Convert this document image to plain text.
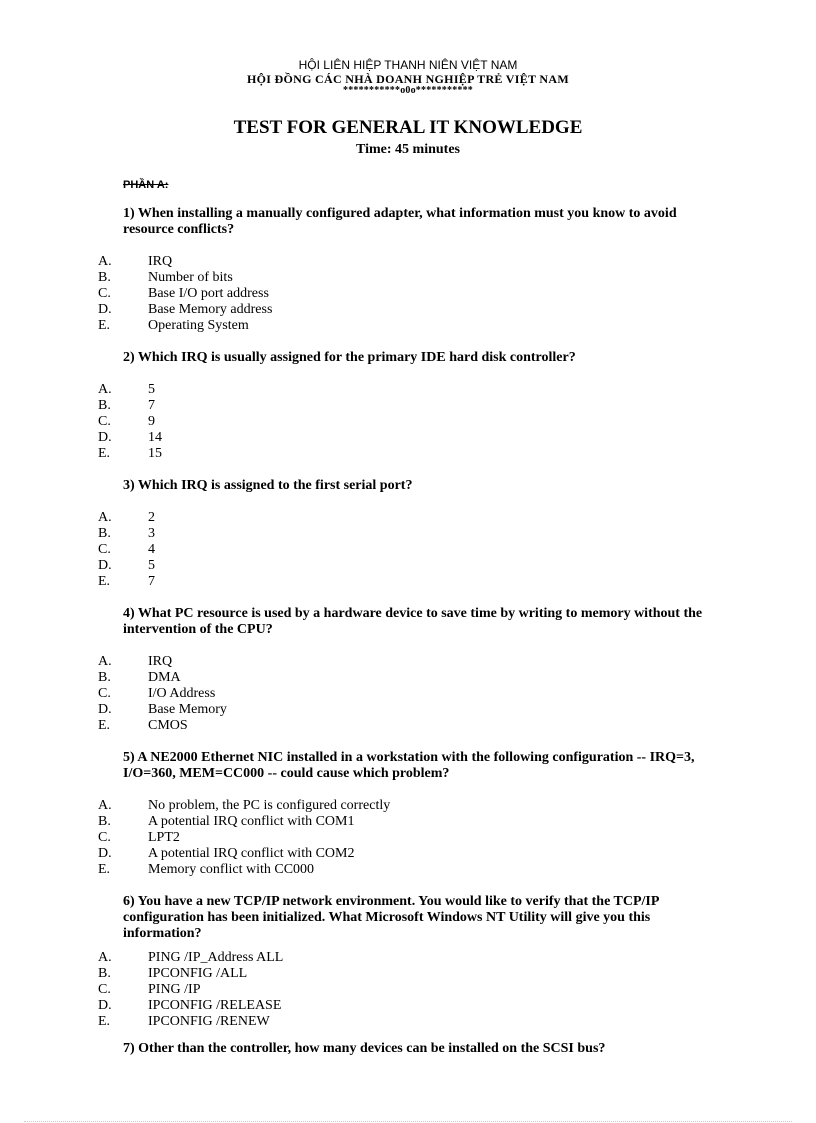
HỘI LIÊN HIỆP THANH NIÊN VIỆT NAM
HỘI ĐỒNG CÁC NHÀ DOANH NGHIỆP TRẺ VIỆT NAM
***********o0o***********
TEST FOR GENERAL IT KNOWLEDGE
Time: 45 minutes
PHẦN A:
1) When installing a manually configured adapter, what information must you know to avoid resource conflicts?
A.	IRQ
B.	Number of bits
C.	Base I/O port address
D.	Base Memory address
E.	Operating System
2) Which IRQ is usually assigned for the primary IDE hard disk controller?
A.	5
B.	7
C.	9
D.	14
E.	15
3) Which IRQ is assigned to the first serial port?
A.	2
B.	3
C.	4
D.	5
E.	7
4) What PC resource is used by a hardware device to save time by writing to memory without the intervention of the CPU?
A.	IRQ
B.	DMA
C.	I/O Address
D.	Base Memory
E.	CMOS
5) A NE2000 Ethernet NIC installed in a workstation with the following configuration -- IRQ=3, I/O=360, MEM=CC000 -- could cause which problem?
A.	No problem, the PC is configured correctly
B.	A potential IRQ conflict with COM1
C.	LPT2
D.	A potential IRQ conflict with COM2
E.	Memory conflict with CC000
6) You have a new TCP/IP network environment. You would like to verify that the TCP/IP configuration has been initialized. What Microsoft Windows NT Utility will give you this information?
A.	PING /IP_Address ALL
B.	IPCONFIG /ALL
C.	PING /IP
D.	IPCONFIG /RELEASE
E.	IPCONFIG /RENEW
7) Other than the controller, how many devices can be installed on the SCSI bus?
